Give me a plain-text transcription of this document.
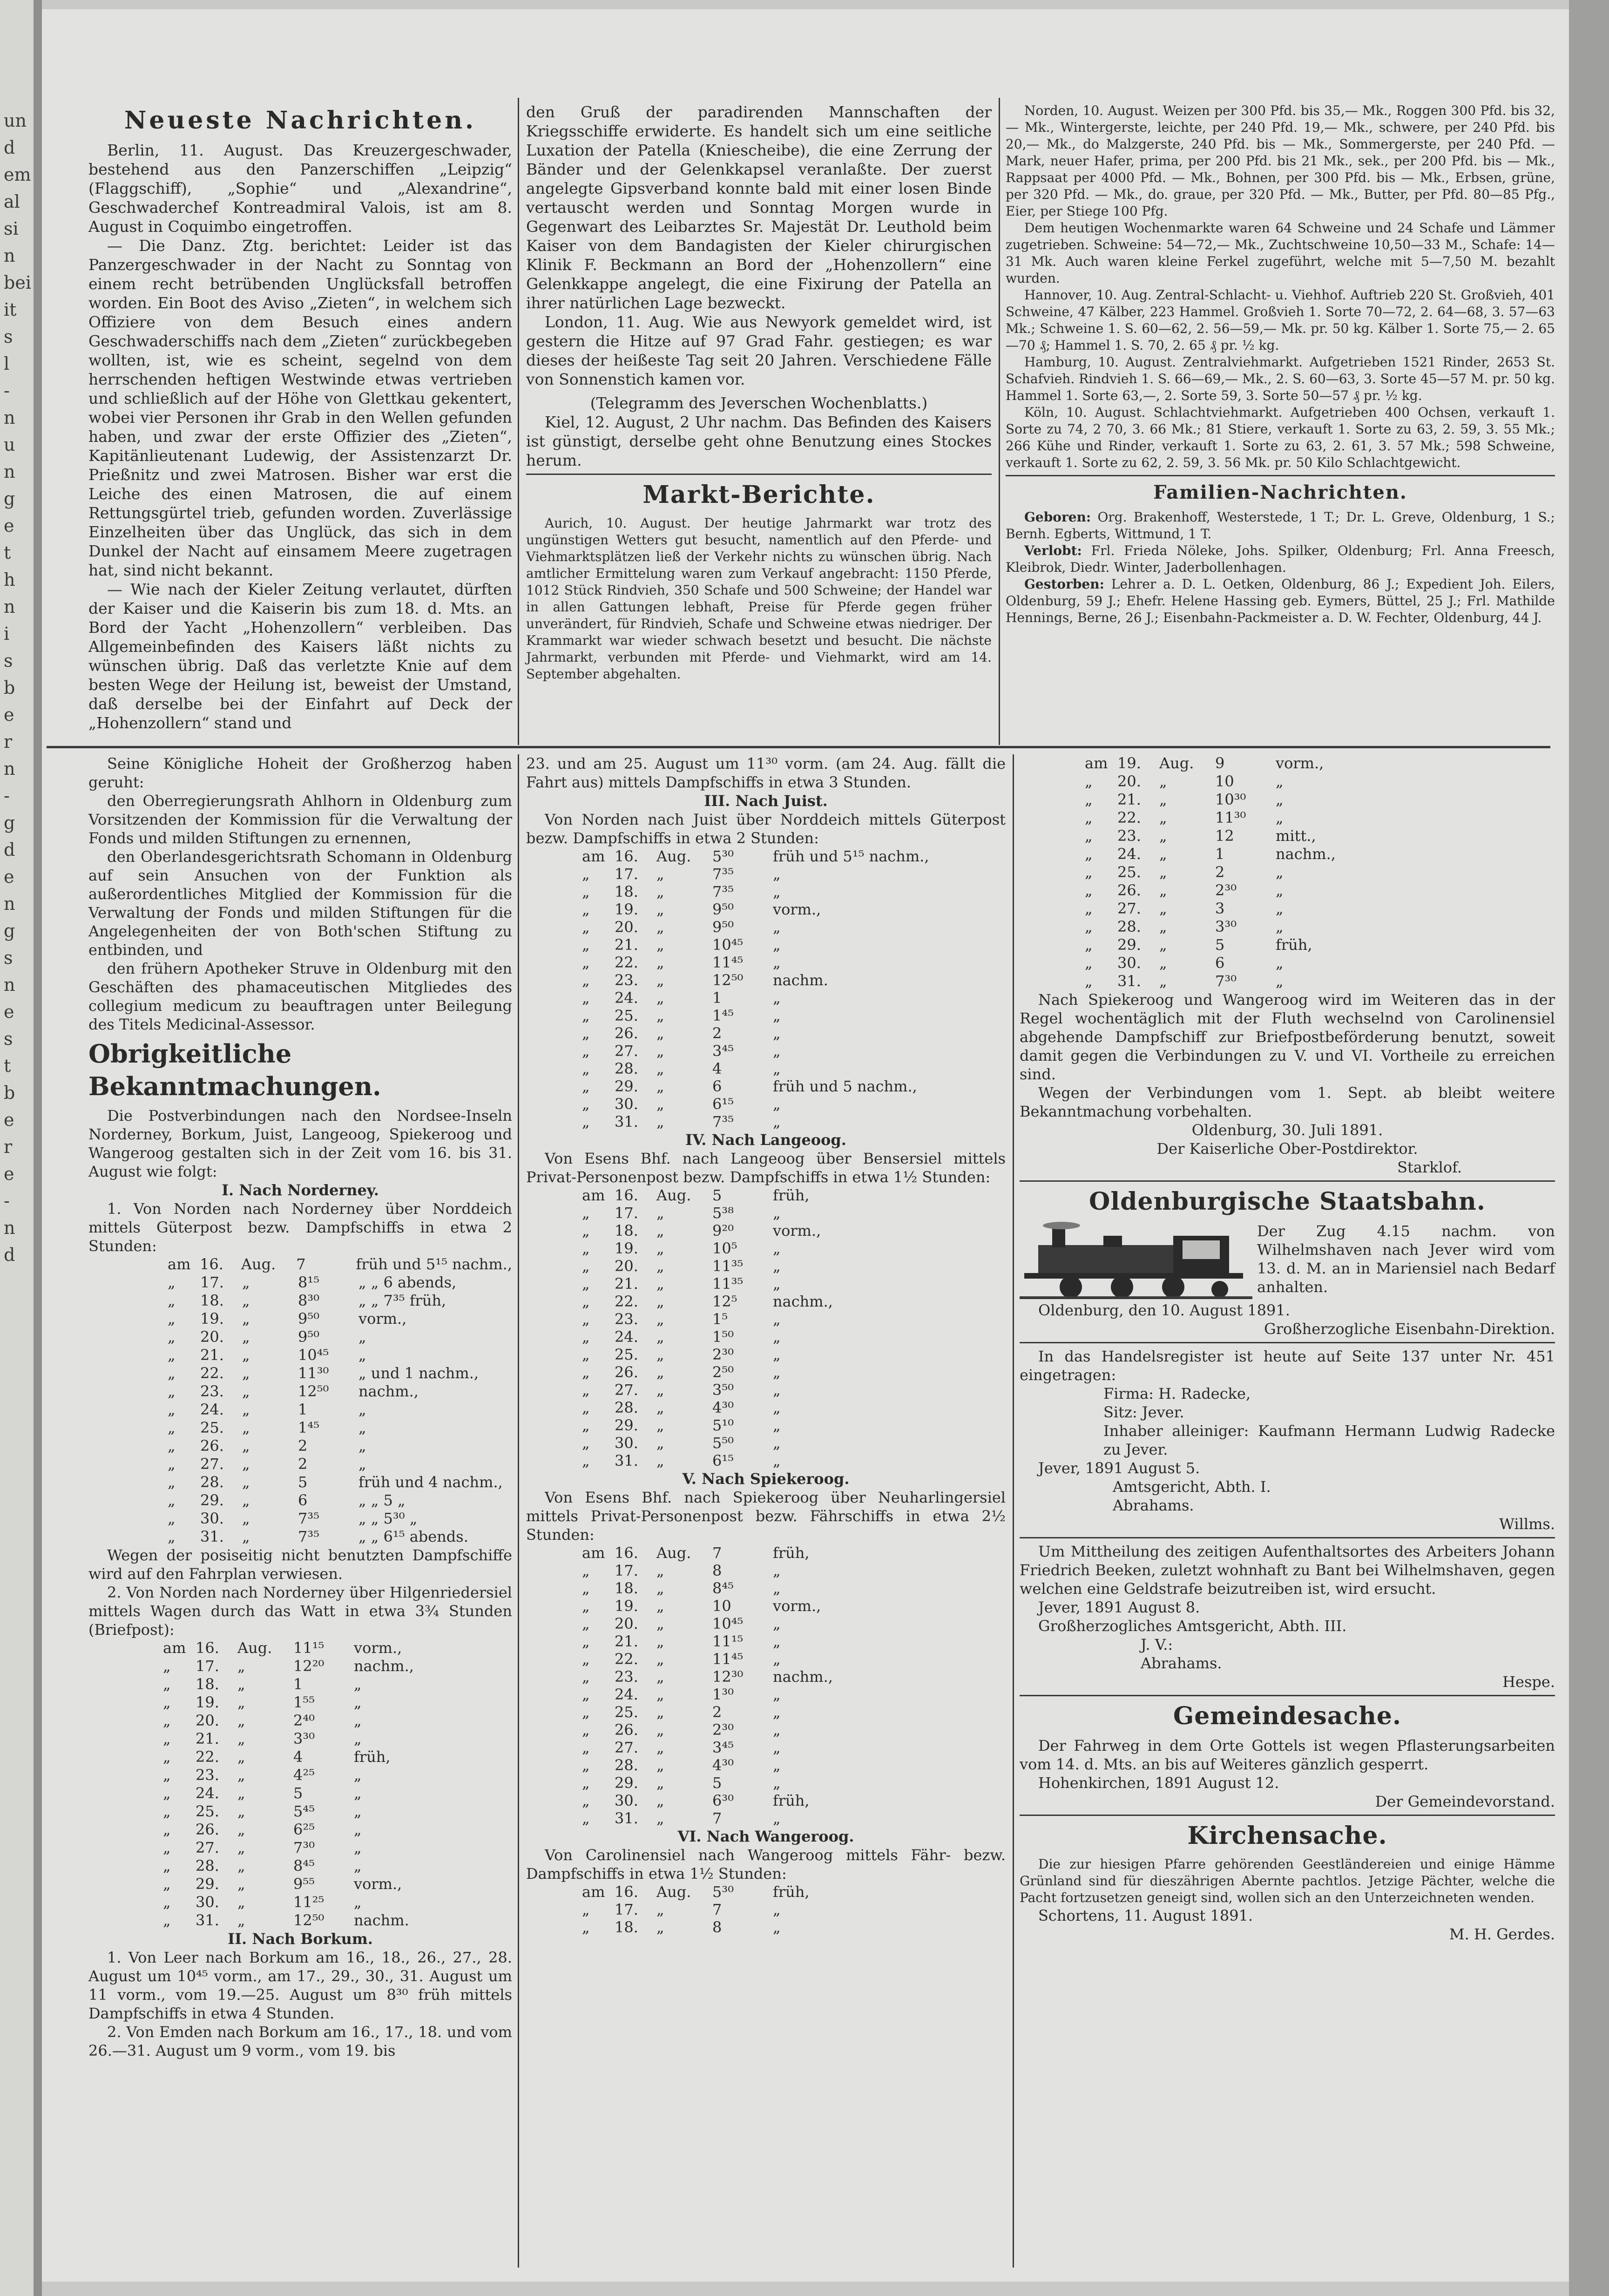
un
d
em
al
si
n
bei
it
s
l
-
n
u
n
g
e
t
h
n
i
s
b
e
r
n
-
g
d
e
n
g
s
n
e
s
t
b
e
r
e
-
n
d
Neueste Nachrichten.

Berlin, 11. August. Das Kreuzergeschwader, bestehend aus den Panzerschiffen „Leipzig“ (Flaggschiff), „Sophie“ und „Alexandrine“, Geschwaderchef Kontreadmiral Valois, ist am 8. August in Coquimbo eingetroffen.

— Die Danz. Ztg. berichtet: Leider ist das Panzergeschwader in der Nacht zu Sonntag von einem recht betrübenden Unglücksfall betroffen worden. Ein Boot des Aviso „Zieten“, in welchem sich Offiziere von dem Besuch eines andern Geschwaderschiffs nach dem „Zieten“ zurückbegeben wollten, ist, wie es scheint, segelnd von dem herrschenden heftigen Westwinde etwas vertrieben und schließlich auf der Höhe von Glettkau gekentert, wobei vier Personen ihr Grab in den Wellen gefunden haben, und zwar der erste Offizier des „Zieten“, Kapitänlieutenant Ludewig, der Assistenzarzt Dr. Prießnitz und zwei Matrosen. Bisher war erst die Leiche des einen Matrosen, die auf einem Rettungsgürtel trieb, gefunden worden. Zuverlässige Einzelheiten über das Unglück, das sich in dem Dunkel der Nacht auf einsamem Meere zugetragen hat, sind nicht bekannt.

— Wie nach der Kieler Zeitung verlautet, dürften der Kaiser und die Kaiserin bis zum 18. d. Mts. an Bord der Yacht „Hohenzollern“ verbleiben. Das Allgemeinbefinden des Kaisers läßt nichts zu wünschen übrig. Daß das verletzte Knie auf dem besten Wege der Heilung ist, beweist der Umstand, daß derselbe bei der Einfahrt auf Deck der „Hohenzollern“ stand und

den Gruß der paradirenden Mannschaften der Kriegsschiffe erwiderte. Es handelt sich um eine seitliche Luxation der Patella (Kniescheibe), die eine Zerrung der Bänder und der Gelenkkapsel veranlaßte. Der zuerst angelegte Gipsverband konnte bald mit einer losen Binde vertauscht werden und Sonntag Morgen wurde in Gegenwart des Leibarztes Sr. Majestät Dr. Leuthold beim Kaiser von dem Bandagisten der Kieler chirurgischen Klinik F. Beckmann an Bord der „Hohenzollern“ eine Gelenkkappe angelegt, die eine Fixirung der Patella an ihrer natürlichen Lage bezweckt.

London, 11. Aug. Wie aus Newyork gemeldet wird, ist gestern die Hitze auf 97 Grad Fahr. gestiegen; es war dieses der heißeste Tag seit 20 Jahren. Verschiedene Fälle von Sonnenstich kamen vor.

(Telegramm des Jeverschen Wochenblatts.)

Kiel, 12. August, 2 Uhr nachm. Das Befinden des Kaisers ist günstigt, derselbe geht ohne Benutzung eines Stockes herum.

Markt-Berichte.

Aurich, 10. August. Der heutige Jahrmarkt war trotz des ungünstigen Wetters gut besucht, namentlich auf den Pferde- und Viehmarktsplätzen ließ der Verkehr nichts zu wünschen übrig. Nach amtlicher Ermittelung waren zum Verkauf angebracht: 1150 Pferde, 1012 Stück Rindvieh, 350 Schafe und 500 Schweine; der Handel war in allen Gattungen lebhaft, Preise für Pferde gegen früher unverändert, für Rindvieh, Schafe und Schweine etwas niedriger. Der Krammarkt war wieder schwach besetzt und besucht. Die nächste Jahrmarkt, verbunden mit Pferde- und Viehmarkt, wird am 14. September abgehalten.

Norden, 10. August. Weizen per 300 Pfd. bis 35,— Mk., Roggen 300 Pfd. bis 32,— Mk., Wintergerste, leichte, per 240 Pfd. 19,— Mk., schwere, per 240 Pfd. bis 20,— Mk., do Malzgerste, 240 Pfd. bis — Mk., Sommergerste, per 240 Pfd. — Mark, neuer Hafer, prima, per 200 Pfd. bis 21 Mk., sek., per 200 Pfd. bis — Mk., Rappsaat per 4000 Pfd. — Mk., Bohnen, per 300 Pfd. bis — Mk., Erbsen, grüne, per 320 Pfd. — Mk., do. graue, per 320 Pfd. — Mk., Butter, per Pfd. 80—85 Pfg., Eier, per Stiege 100 Pfg.

Dem heutigen Wochenmarkte waren 64 Schweine und 24 Schafe und Lämmer zugetrieben. Schweine: 54—72,— Mk., Zuchtschweine 10,50—33 M., Schafe: 14—31 Mk. Auch waren kleine Ferkel zugeführt, welche mit 5—7,50 M. bezahlt wurden.

Hannover, 10. Aug. Zentral-Schlacht- u. Viehhof. Auftrieb 220 St. Großvieh, 401 Schweine, 47 Kälber, 223 Hammel. Großvieh 1. Sorte 70—72, 2. 64—68, 3. 57—63 Mk.; Schweine 1. S. 60—62, 2. 56—59,— Mk. pr. 50 kg. Kälber 1. Sorte 75,— 2. 65—70 ₰; Hammel 1. S. 70, 2. 65 ₰ pr. ½ kg.

Hamburg, 10. August. Zentralviehmarkt. Aufgetrieben 1521 Rinder, 2653 St. Schafvieh. Rindvieh 1. S. 66—69,— Mk., 2. S. 60—63, 3. Sorte 45—57 M. pr. 50 kg. Hammel 1. Sorte 63,—, 2. Sorte 59, 3. Sorte 50—57 ₰ pr. ½ kg.

Köln, 10. August. Schlachtviehmarkt. Aufgetrieben 400 Ochsen, verkauft 1. Sorte zu 74, 2 70, 3. 66 Mk.; 81 Stiere, verkauft 1. Sorte zu 63, 2. 59, 3. 55 Mk.; 266 Kühe und Rinder, verkauft 1. Sorte zu 63, 2. 61, 3. 57 Mk.; 598 Schweine, verkauft 1. Sorte zu 62, 2. 59, 3. 56 Mk. pr. 50 Kilo Schlachtgewicht.

Familien-Nachrichten.

Geboren: Org. Brakenhoff, Westerstede, 1 T.; Dr. L. Greve, Oldenburg, 1 S.; Bernh. Egberts, Wittmund, 1 T.

Verlobt: Frl. Frieda Nöleke, Johs. Spilker, Oldenburg; Frl. Anna Freesch, Kleibrok, Diedr. Winter, Jaderbollenhagen.

Gestorben: Lehrer a. D. L. Oetken, Oldenburg, 86 J.; Expedient Joh. Eilers, Oldenburg, 59 J.; Ehefr. Helene Hassing geb. Eymers, Büttel, 25 J.; Frl. Mathilde Hennings, Berne, 26 J.; Eisenbahn-Packmeister a. D. W. Fechter, Oldenburg, 44 J.

Seine Königliche Hoheit der Großherzog haben geruht:

den Oberregierungsrath Ahlhorn in Oldenburg zum Vorsitzenden der Kommission für die Verwaltung der Fonds und milden Stiftungen zu ernennen,

den Oberlandesgerichtsrath Schomann in Oldenburg auf sein Ansuchen von der Funktion als außerordentliches Mitglied der Kommission für die Verwaltung der Fonds und milden Stiftungen für die Angelegenheiten der von Both'schen Stiftung zu entbinden, und

den frühern Apotheker Struve in Oldenburg mit den Geschäften des phamaceutischen Mitgliedes des collegium medicum zu beauftragen unter Beilegung des Titels Medicinal-Assessor.

Obrigkeitliche Bekanntmachungen.

Die Postverbindungen nach den Nordsee-Inseln Norderney, Borkum, Juist, Langeoog, Spiekeroog und Wangeroog gestalten sich in der Zeit vom 16. bis 31. August wie folgt:

I. Nach Norderney.

1. Von Norden nach Norderney über Norddeich mittels Güterpost bezw. Dampfschiffs in etwa 2 Stunden:

am 16.	Aug.	7	früh und 5¹⁵ nachm.,
„	17.	„	8¹⁵	„ „ 6 abends,
„	18.	„	8³⁰	„ „ 7³⁵ früh,
„	19.	„	9⁵⁰	vorm.,
„	20.	„	9⁵⁰	„
„	21.	„	10⁴⁵	„
„	22.	„	11³⁰	„ und 1 nachm.,
„	23.	„	12⁵⁰	nachm.,
„	24.	„	1	„
„	25.	„	1⁴⁵	„
„	26.	„	2	„
„	27.	„	2	„
„	28.	„	5	früh und 4 nachm.,
„	29.	„	6	„ „ 5 „
„	30.	„	7³⁵	„ „ 5³⁰ „
„	31.	„	7³⁵	„ „ 6¹⁵ abends.

Wegen der posiseitig nicht benutzten Dampfschiffe wird auf den Fahrplan verwiesen.

2. Von Norden nach Norderney über Hilgenriedersiel mittels Wagen durch das Watt in etwa 3¾ Stunden (Briefpost):

am 16.	Aug.	11¹⁵	vorm.,
„	17.	„	12²⁰	nachm.,
„	18.	„	1	„
„	19.	„	1⁵⁵	„
„	20.	„	2⁴⁰	„
„	21.	„	3³⁰	„
„	22.	„	4	früh,
„	23.	„	4²⁵	„
„	24.	„	5	„
„	25.	„	5⁴⁵	„
„	26.	„	6²⁵	„
„	27.	„	7³⁰	„
„	28.	„	8⁴⁵	„
„	29.	„	9⁵⁵	vorm.,
„	30.	„	11²⁵	„
„	31.	„	12⁵⁰	nachm.

II. Nach Borkum.

1. Von Leer nach Borkum am 16., 18., 26., 27., 28. August um 10⁴⁵ vorm., am 17., 29., 30., 31. August um 11 vorm., vom 19.—25. August um 8³⁰ früh mittels Dampfschiffs in etwa 4 Stunden.

2. Von Emden nach Borkum am 16., 17., 18. und vom 26.—31. August um 9 vorm., vom 19. bis

23. und am 25. August um 11³⁰ vorm. (am 24. Aug. fällt die Fahrt aus) mittels Dampfschiffs in etwa 3 Stunden.

III. Nach Juist.

Von Norden nach Juist über Norddeich mittels Güterpost bezw. Dampfschiffs in etwa 2 Stunden:

am 16.	Aug.	5³⁰	früh und 5¹⁵ nachm.,
„	17.	„	7³⁵	„
„	18.	„	7³⁵	„
„	19.	„	9⁵⁰	vorm.,
„	20.	„	9⁵⁰	„
„	21.	„	10⁴⁵	„
„	22.	„	11⁴⁵	„
„	23.	„	12⁵⁰	nachm.
„	24.	„	1	„
„	25.	„	1⁴⁵	„
„	26.	„	2	„
„	27.	„	3⁴⁵	„
„	28.	„	4	„
„	29.	„	6	früh und 5 nachm.,
„	30.	„	6¹⁵	„
„	31.	„	7³⁵	„

IV. Nach Langeoog.

Von Esens Bhf. nach Langeoog über Bensersiel mittels Privat-Personenpost bezw. Dampfschiffs in etwa 1½ Stunden:

am 16.	Aug.	5	früh,
„	17.	„	5³⁸	„
„	18.	„	9²⁰	vorm.,
„	19.	„	10⁵	„
„	20.	„	11³⁵	„
„	21.	„	11³⁵	„
„	22.	„	12⁵	nachm.,
„	23.	„	1⁵	„
„	24.	„	1⁵⁰	„
„	25.	„	2³⁰	„
„	26.	„	2⁵⁰	„
„	27.	„	3⁵⁰	„
„	28.	„	4³⁰	„
„	29.	„	5¹⁰	„
„	30.	„	5⁵⁰	„
„	31.	„	6¹⁵	„

V. Nach Spiekeroog.

Von Esens Bhf. nach Spiekeroog über Neuharlingersiel mittels Privat-Personenpost bezw. Fährschiffs in etwa 2½ Stunden:

am 16.	Aug.	7	früh,
„	17.	„	8	„
„	18.	„	8⁴⁵	„
„	19.	„	10	vorm.,
„	20.	„	10⁴⁵	„
„	21.	„	11¹⁵	„
„	22.	„	11⁴⁵	„
„	23.	„	12³⁰	nachm.,
„	24.	„	1³⁰	„
„	25.	„	2	„
„	26.	„	2³⁰	„
„	27.	„	3⁴⁵	„
„	28.	„	4³⁰	„
„	29.	„	5	„
„	30.	„	6³⁰	früh,
„	31.	„	7	„

VI. Nach Wangeroog.

Von Carolinensiel nach Wangeroog mittels Fähr- bezw. Dampfschiffs in etwa 1½ Stunden:

am 16.	Aug.	5³⁰	früh,
„	17.	„	7	„
„	18.	„	8	„
am 19.	Aug.	9	vorm.,
„	20.	„	10	„
„	21.	„	10³⁰	„
„	22.	„	11³⁰	„
„	23.	„	12	mitt.,
„	24.	„	1	nachm.,
„	25.	„	2	„
„	26.	„	2³⁰	„
„	27.	„	3	„
„	28.	„	3³⁰	„
„	29.	„	5	früh,
„	30.	„	6	„
„	31.	„	7³⁰	„

Nach Spiekeroog und Wangeroog wird im Weiteren das in der Regel wochentäglich mit der Fluth wechselnd von Carolinensiel abgehende Dampfschiff zur Briefpostbeförderung benutzt, soweit damit gegen die Verbindungen zu V. und VI. Vortheile zu erreichen sind.

Wegen der Verbindungen vom 1. Sept. ab bleibt weitere Bekanntmachung vorbehalten.

Oldenburg, 30. Juli 1891.

Der Kaiserliche Ober-Postdirektor.

Starklof.

Oldenburgische Staatsbahn.

Der Zug 4.15 nachm. von Wilhelmshaven nach Jever wird vom 13. d. M. an in Mariensiel nach Bedarf anhalten.

Oldenburg, den 10. August 1891.

Großherzogliche Eisenbahn-Direktion.

In das Handelsregister ist heute auf Seite 137 unter Nr. 451 eingetragen:

Firma: H. Radecke,

Sitz: Jever.

Inhaber alleiniger: Kaufmann Hermann Ludwig Radecke zu Jever.

Jever, 1891 August 5.

Amtsgericht, Abth. I.

Abrahams.

Willms.

Um Mittheilung des zeitigen Aufenthaltsortes des Arbeiters Johann Friedrich Beeken, zuletzt wohnhaft zu Bant bei Wilhelmshaven, gegen welchen eine Geldstrafe beizutreiben ist, wird ersucht.

Jever, 1891 August 8.

Großherzogliches Amtsgericht, Abth. III.

J. V.:

Abrahams.

Hespe.

Gemeindesache.

Der Fahrweg in dem Orte Gottels ist wegen Pflasterungsarbeiten vom 14. d. Mts. an bis auf Weiteres gänzlich gesperrt.

Hohenkirchen, 1891 August 12.

Der Gemeindevorstand.

Kirchensache.

Die zur hiesigen Pfarre gehörenden Geestländereien und einige Hämme Grünland sind für dieszährigen Abernte pachtlos. Jetzige Pächter, welche die Pacht fortzusetzen geneigt sind, wollen sich an den Unterzeichneten wenden.

Schortens, 11. August 1891.

M. H. Gerdes.
